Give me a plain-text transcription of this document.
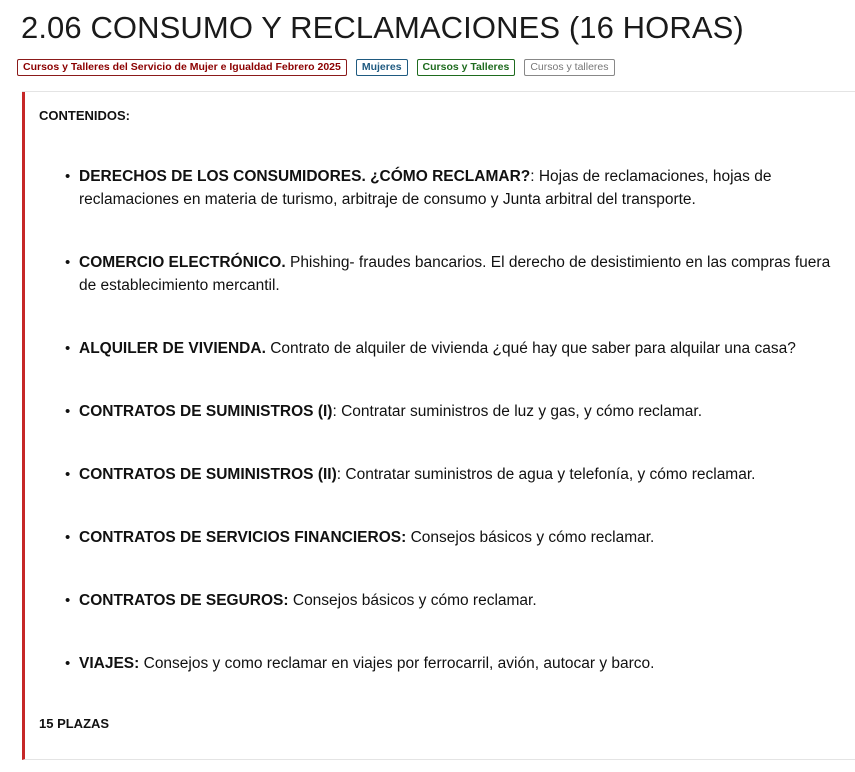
2.06 CONSUMO Y RECLAMACIONES (16 HORAS)
Cursos y Talleres del Servicio de Mujer e Igualdad Febrero 2025	Mujeres	Cursos y Talleres	Cursos y talleres

CONTENIDOS:

• DERECHOS DE LOS CONSUMIDORES. ¿CÓMO RECLAMAR?: Hojas de reclamaciones, hojas de reclamaciones en materia de turismo, arbitraje de consumo y Junta arbitral del transporte.
• COMERCIO ELECTRÓNICO. Phishing- fraudes bancarios. El derecho de desistimiento en las compras fuera de establecimiento mercantil.
• ALQUILER DE VIVIENDA. Contrato de alquiler de vivienda ¿qué hay que saber para alquilar una casa?
• CONTRATOS DE SUMINISTROS (I): Contratar suministros de luz y gas, y cómo reclamar.
• CONTRATOS DE SUMINISTROS (II): Contratar suministros de agua y telefonía, y cómo reclamar.
• CONTRATOS DE SERVICIOS FINANCIEROS: Consejos básicos y cómo reclamar.
• CONTRATOS DE SEGUROS: Consejos básicos y cómo reclamar.
• VIAJES: Consejos y como reclamar en viajes por ferrocarril, avión, autocar y barco.

15 PLAZAS
